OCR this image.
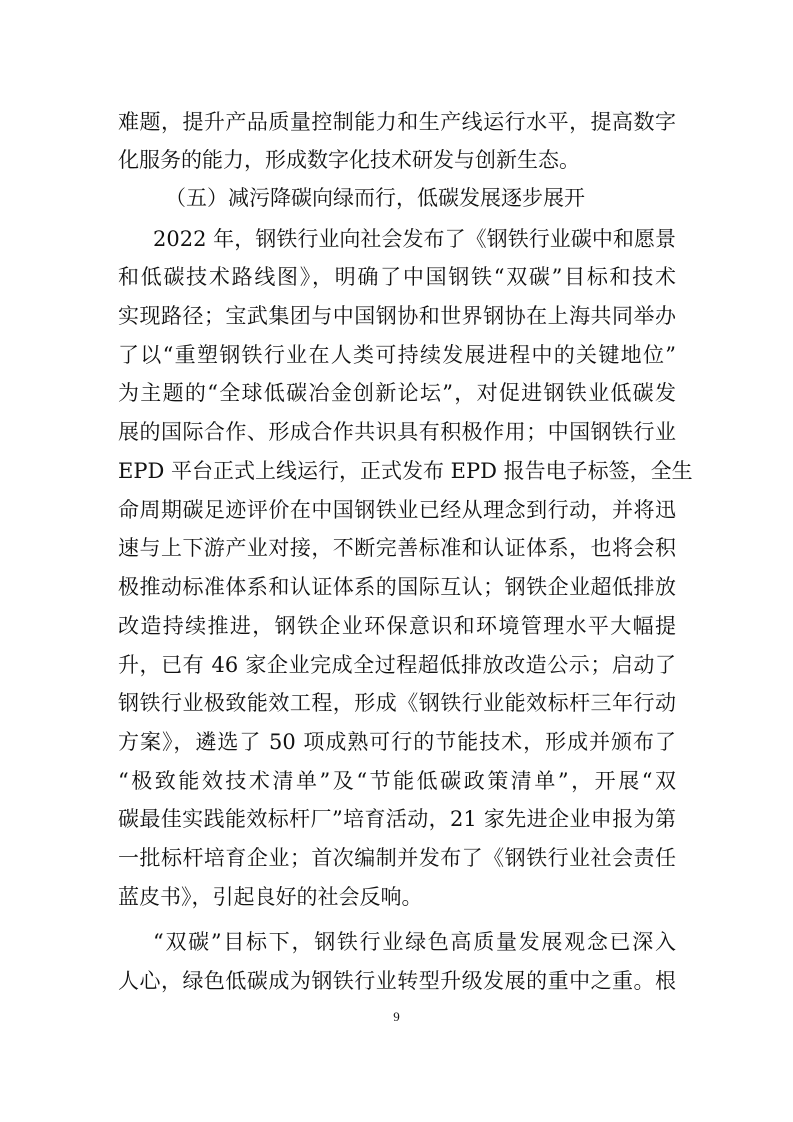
难题，提升产品质量控制能力和生产线运行水平，提高数字
化服务的能力，形成数字化技术研发与创新生态。
（五）减污降碳向绿而行，低碳发展逐步展开
2022 年，钢铁行业向社会发布了《钢铁行业碳中和愿景
和低碳技术路线图》，明确了中国钢铁“双碳”目标和技术
实现路径；宝武集团与中国钢协和世界钢协在上海共同举办
了以“重塑钢铁行业在人类可持续发展进程中的关键地位”
为主题的“全球低碳冶金创新论坛”，对促进钢铁业低碳发
展的国际合作、形成合作共识具有积极作用；中国钢铁行业
EPD 平台正式上线运行，正式发布 EPD 报告电子标签，全生
命周期碳足迹评价在中国钢铁业已经从理念到行动，并将迅
速与上下游产业对接，不断完善标准和认证体系，也将会积
极推动标准体系和认证体系的国际互认；钢铁企业超低排放
改造持续推进，钢铁企业环保意识和环境管理水平大幅提
升，已有 46 家企业完成全过程超低排放改造公示；启动了
钢铁行业极致能效工程，形成《钢铁行业能效标杆三年行动
方案》，遴选了 50 项成熟可行的节能技术，形成并颁布了
“极致能效技术清单”及“节能低碳政策清单”，开展“双
碳最佳实践能效标杆厂”培育活动，21 家先进企业申报为第
一批标杆培育企业；首次编制并发布了《钢铁行业社会责任
蓝皮书》，引起良好的社会反响。
“双碳”目标下，钢铁行业绿色高质量发展观念已深入
人心，绿色低碳成为钢铁行业转型升级发展的重中之重。根
9
